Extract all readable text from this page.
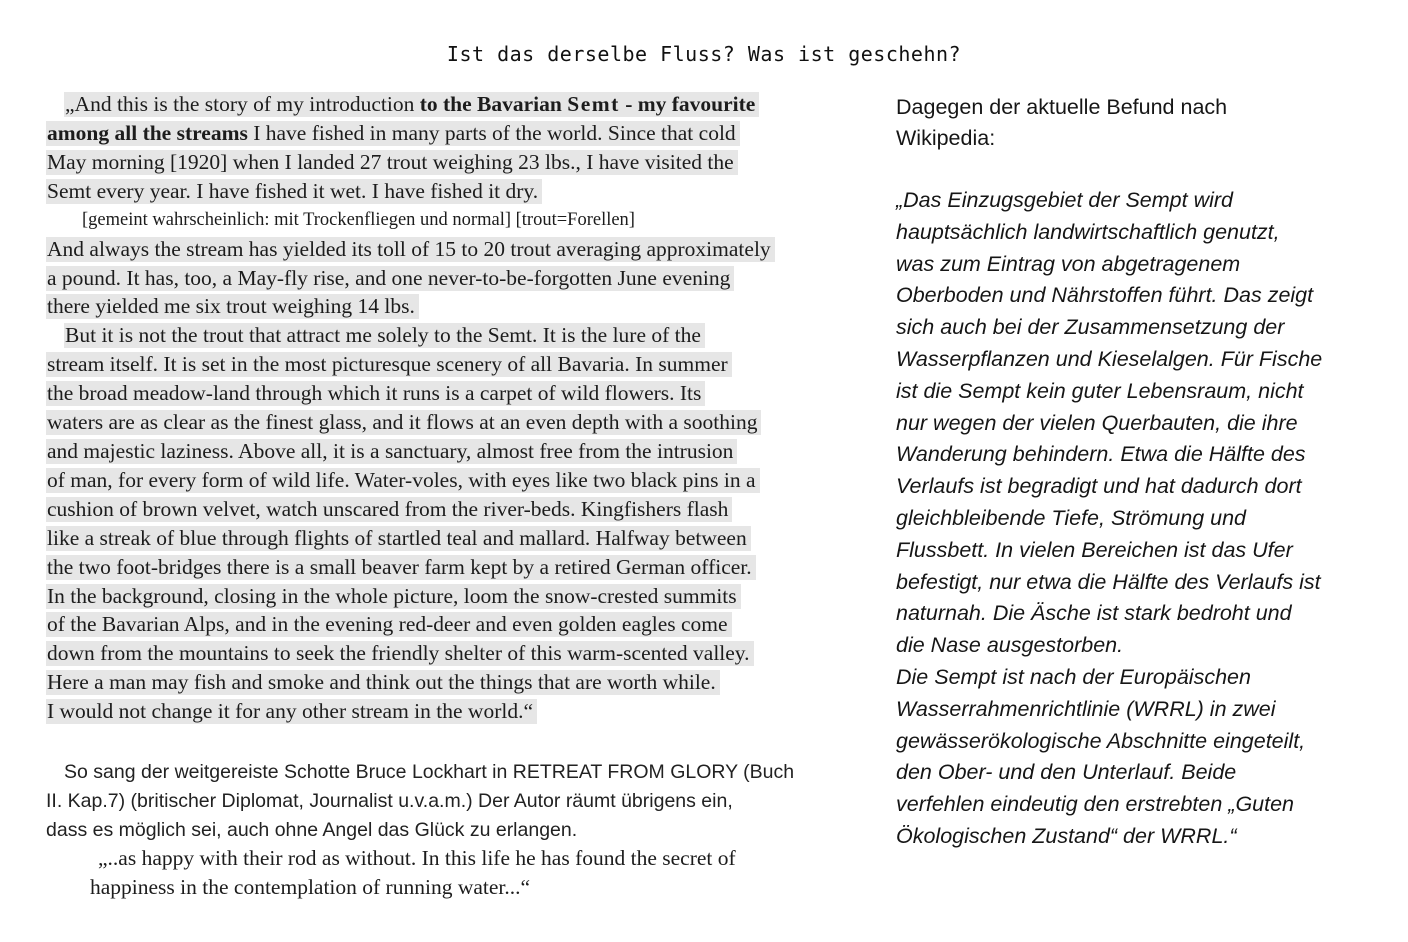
Ist das derselbe Fluss? Was ist geschehn?
„And this is the story of my introduction to the Bavarian Semt - my favourite
among all the streams I have fished in many parts of the world. Since that cold
May morning [1920] when I landed 27 trout weighing 23 lbs., I have visited the
Semt every year. I have fished it wet. I have fished it dry.
[gemeint wahrscheinlich: mit Trockenfliegen und normal] [trout=Forellen]
And always the stream has yielded its toll of 15 to 20 trout averaging approximately
a pound. It has, too, a May-fly rise, and one never-to-be-forgotten June evening
there yielded me six trout weighing 14 lbs.
But it is not the trout that attract me solely to the Semt. It is the lure of the
stream itself. It is set in the most picturesque scenery of all Bavaria. In summer
the broad meadow-land through which it runs is a carpet of wild flowers. Its
waters are as clear as the finest glass, and it flows at an even depth with a soothing
and majestic laziness. Above all, it is a sanctuary, almost free from the intrusion
of man, for every form of wild life. Water-voles, with eyes like two black pins in a
cushion of brown velvet, watch unscared from the river-beds. Kingfishers flash
like a streak of blue through flights of startled teal and mallard. Halfway between
the two foot-bridges there is a small beaver farm kept by a retired German officer.
In the background, closing in the whole picture, loom the snow-crested summits
of the Bavarian Alps, and in the evening red-deer and even golden eagles come
down from the mountains to seek the friendly shelter of this warm-scented valley.
Here a man may fish and smoke and think out the things that are worth while.
I would not change it for any other stream in the world.“
So sang der weitgereiste Schotte Bruce Lockhart in RETREAT FROM GLORY (Buch
II. Kap.7) (britischer Diplomat, Journalist u.v.a.m.) Der Autor räumt übrigens ein,
dass es möglich sei, auch ohne Angel das Glück zu erlangen.
„..as happy with their rod as without. In this life he has found the secret of
happiness in the contemplation of running water...“
Dagegen der aktuelle Befund nach
Wikipedia:
„Das Einzugsgebiet der Sempt wird
hauptsächlich landwirtschaftlich genutzt,
was zum Eintrag von abgetragenem
Oberboden und Nährstoffen führt. Das zeigt
sich auch bei der Zusammensetzung der
Wasserpflanzen und Kieselalgen. Für Fische
ist die Sempt kein guter Lebensraum, nicht
nur wegen der vielen Querbauten, die ihre
Wanderung behindern. Etwa die Hälfte des
Verlaufs ist begradigt und hat dadurch dort
gleichbleibende Tiefe, Strömung und
Flussbett. In vielen Bereichen ist das Ufer
befestigt, nur etwa die Hälfte des Verlaufs ist
naturnah. Die Äsche ist stark bedroht und
die Nase ausgestorben.
Die Sempt ist nach der Europäischen
Wasserrahmenrichtlinie (WRRL) in zwei
gewässerökologische Abschnitte eingeteilt,
den Ober- und den Unterlauf. Beide
verfehlen eindeutig den erstrebten „Guten
Ökologischen Zustand“ der WRRL.“
